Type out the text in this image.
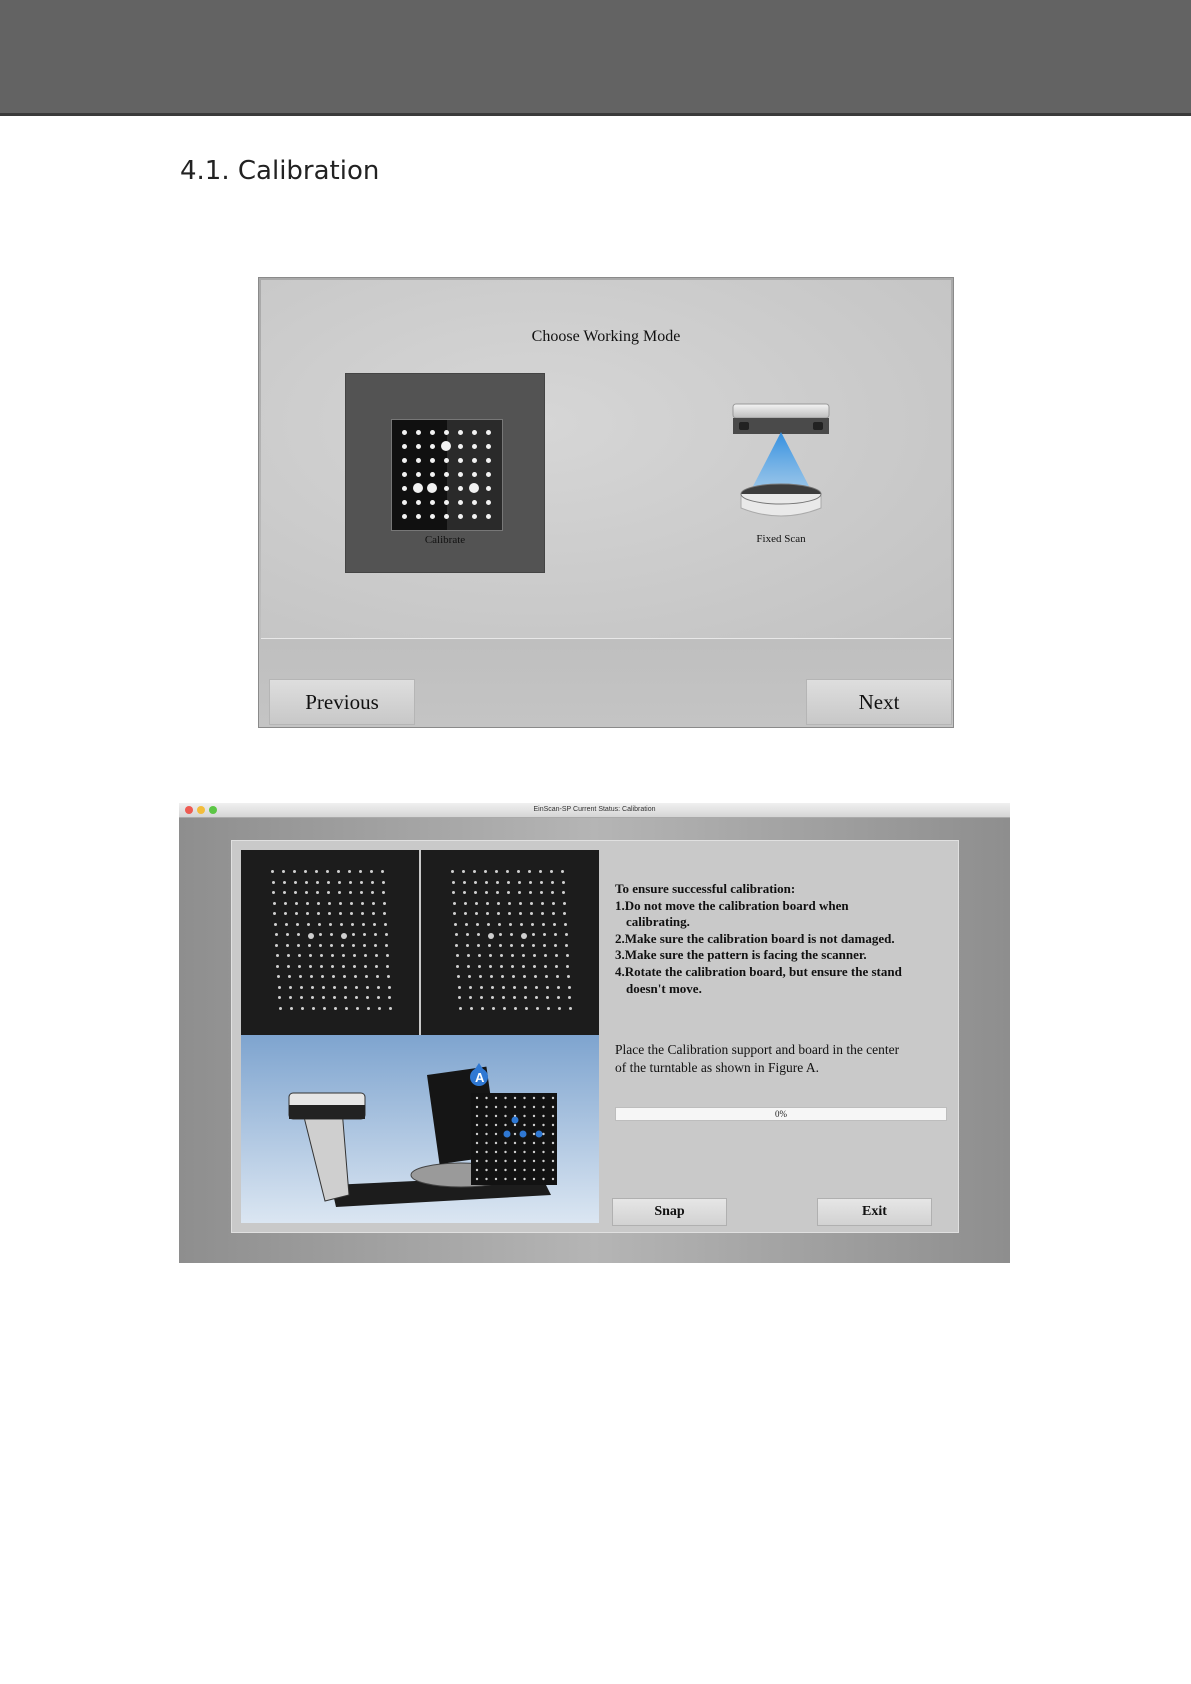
4.1. Calibration
Choose Working Mode
Calibrate	Fixed Scan
Previous	Next
EinScan-SP Current Status: Calibration
A
To ensure successful calibration:
1.Do not move the calibration board when
calibrating.
2.Make sure the calibration board is not damaged.
3.Make sure the pattern is facing the scanner.
4.Rotate the calibration board, but ensure the stand
doesn't move.
Place the Calibration support and board in the center
of the turntable as shown in Figure A.
0%
Snap	Exit
